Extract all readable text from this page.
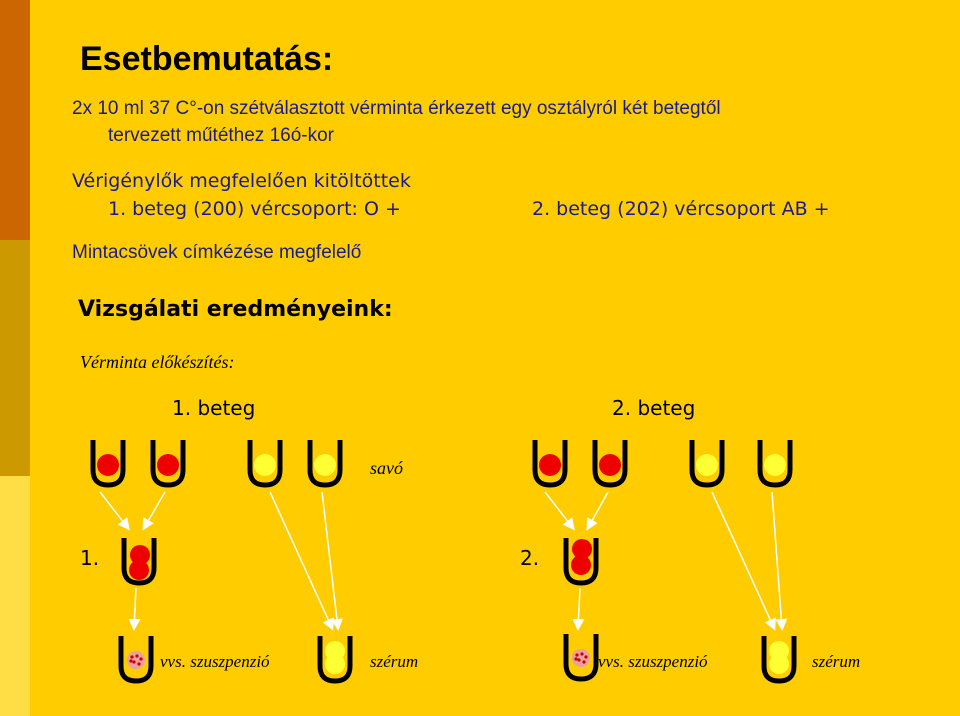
Esetbemutatás:

2x 10 ml 37 C°-on szétválasztott vérminta érkezett egy osztályról két betegtől

tervezett műtéthez 16ó-kor

Vérigénylők megfelelően kitöltöttek

1. beteg (200) vércsoport: O +	2. beteg (202) vércsoport AB +

Mintacsövek címkézése megfelelő

Vizsgálati eredményeink:

Vérminta előkészítés:

1. beteg	2. beteg

savó

1.	2.

vvs. szuszpenzió	szérum	vvs. szuszpenzió	szérum
